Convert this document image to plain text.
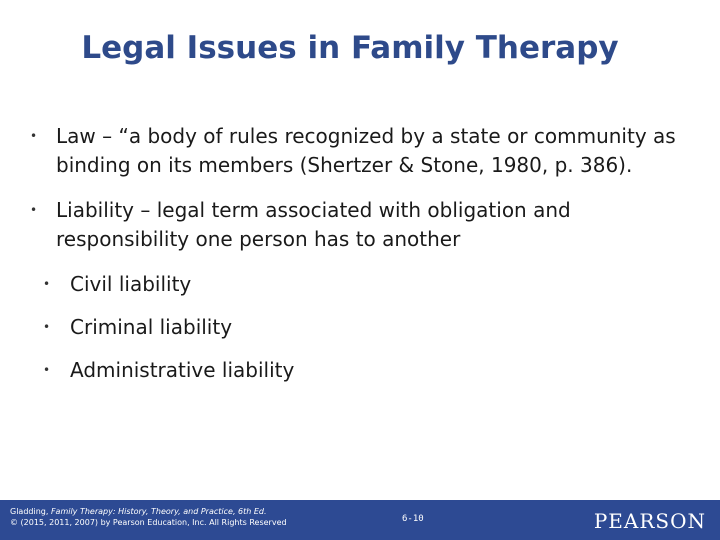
Legal Issues in Family Therapy
• Law – “a body of rules recognized by a state or community as binding on its members (Shertzer & Stone, 1980, p. 386).
• Liability – legal term associated with obligation and responsibility one person has to another
• Civil liability
• Criminal liability
• Administrative liability
Gladding, Family Therapy: History, Theory, and Practice, 6th Ed.
© (2015, 2011, 2007) by Pearson Education, Inc. All Rights Reserved	6-10	PEARSON
